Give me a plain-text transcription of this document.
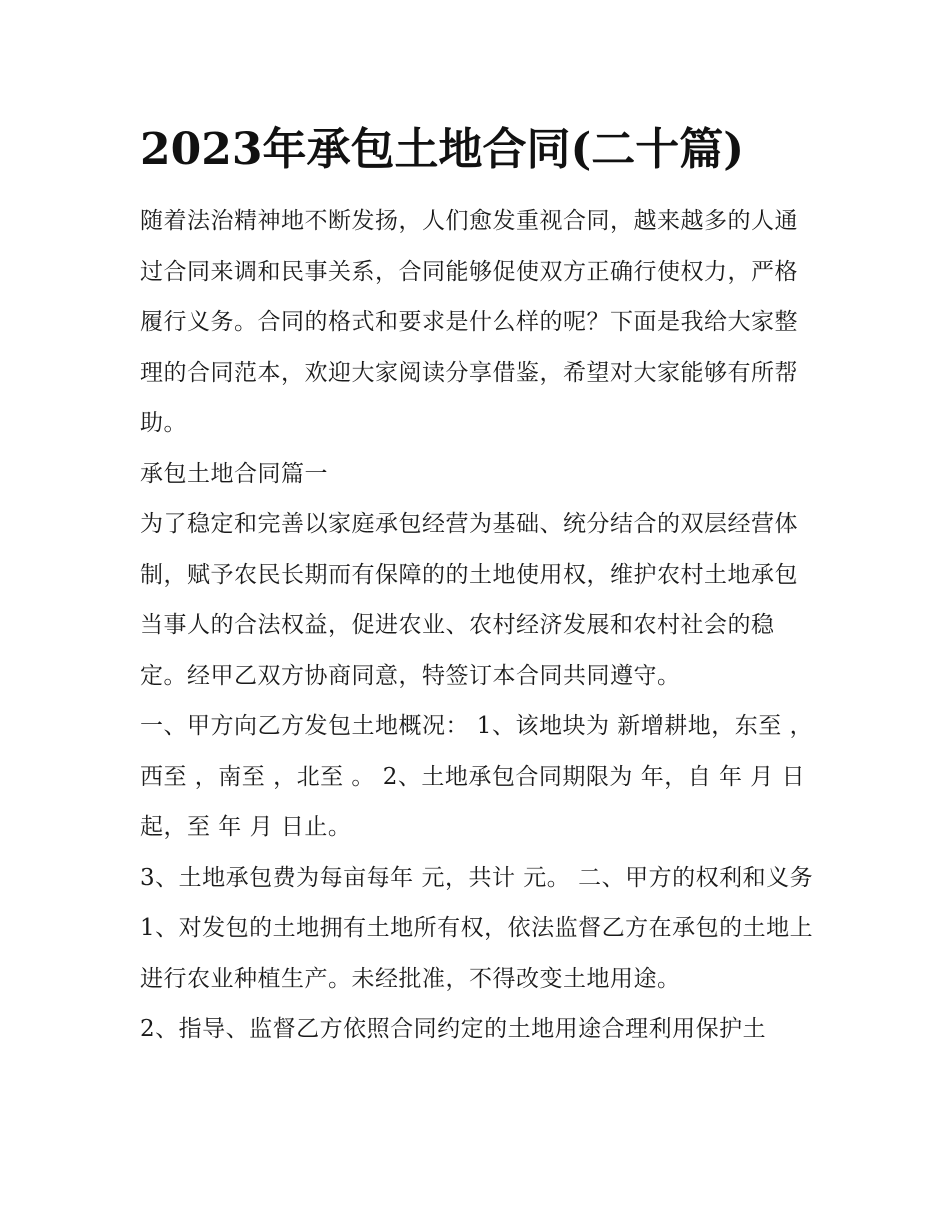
2023年承包土地合同(二十篇)

随着法治精神地不断发扬，人们愈发重视合同，越来越多的人通过合同来调和民事关系，合同能够促使双方正确行使权力，严格履行义务。合同的格式和要求是什么样的呢？下面是我给大家整理的合同范本，欢迎大家阅读分享借鉴，希望对大家能够有所帮助。

承包土地合同篇一

为了稳定和完善以家庭承包经营为基础、统分结合的双层经营体制，赋予农民长期而有保障的的土地使用权，维护农村土地承包当事人的合法权益，促进农业、农村经济发展和农村社会的稳定。经甲乙双方协商同意，特签订本合同共同遵守。

一、甲方向乙方发包土地概况： 1、该地块为 新增耕地，东至 ，西至 ，南至 ，北至 。 2、土地承包合同期限为 年，自 年 月 日起，至 年 月 日止。

3、土地承包费为每亩每年 元，共计 元。 二、甲方的权利和义务

1、对发包的土地拥有土地所有权，依法监督乙方在承包的土地上进行农业种植生产。未经批准，不得改变土地用途。

2、指导、监督乙方依照合同约定的土地用途合理利用保护土
